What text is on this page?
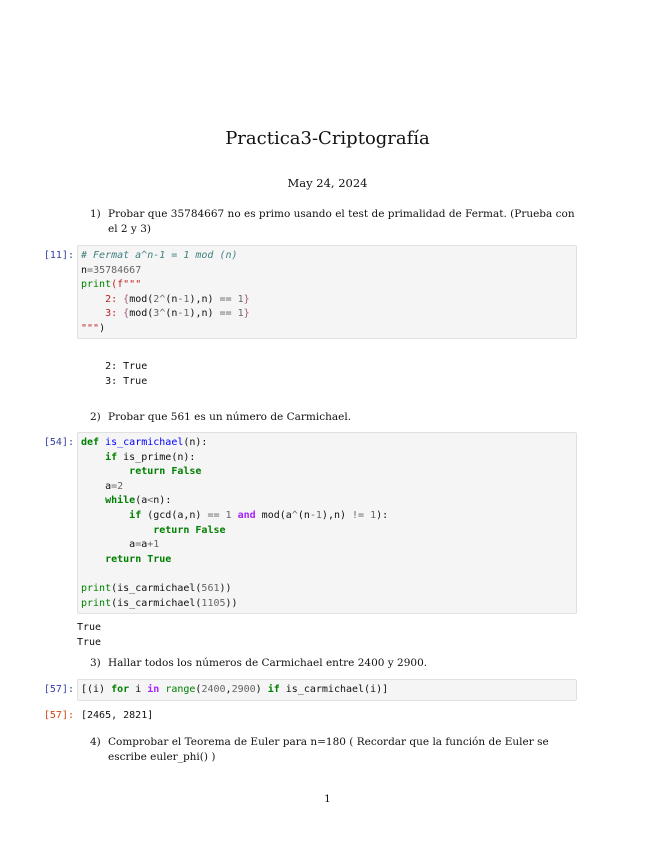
Practica3-Criptografía
May 24, 2024
1) Probar que 35784667 no es primo usando el test de primalidad de Fermat. (Prueba con el 2 y 3)
[11]: # Fermat a^n-1 = 1 mod (n)
n=35784667
print(f"""
2: {mod(2^(n-1),n) == 1}
3: {mod(3^(n-1),n) == 1}
""")
2: True
3: True
2) Probar que 561 es un número de Carmichael.
[54]: def is_carmichael(n):
if is_prime(n):
return False
a=2
while(a<n):
if (gcd(a,n) == 1 and mod(a^(n-1),n) != 1):
return False
a=a+1
return True
print(is_carmichael(561))
print(is_carmichael(1105))
True
True
3) Hallar todos los números de Carmichael entre 2400 y 2900.
[57]: [(i) for i in range(2400,2900) if is_carmichael(i)]
[57]: [2465, 2821]
4) Comprobar el Teorema de Euler para n=180 ( Recordar que la función de Euler se escribe euler_phi() )
1
